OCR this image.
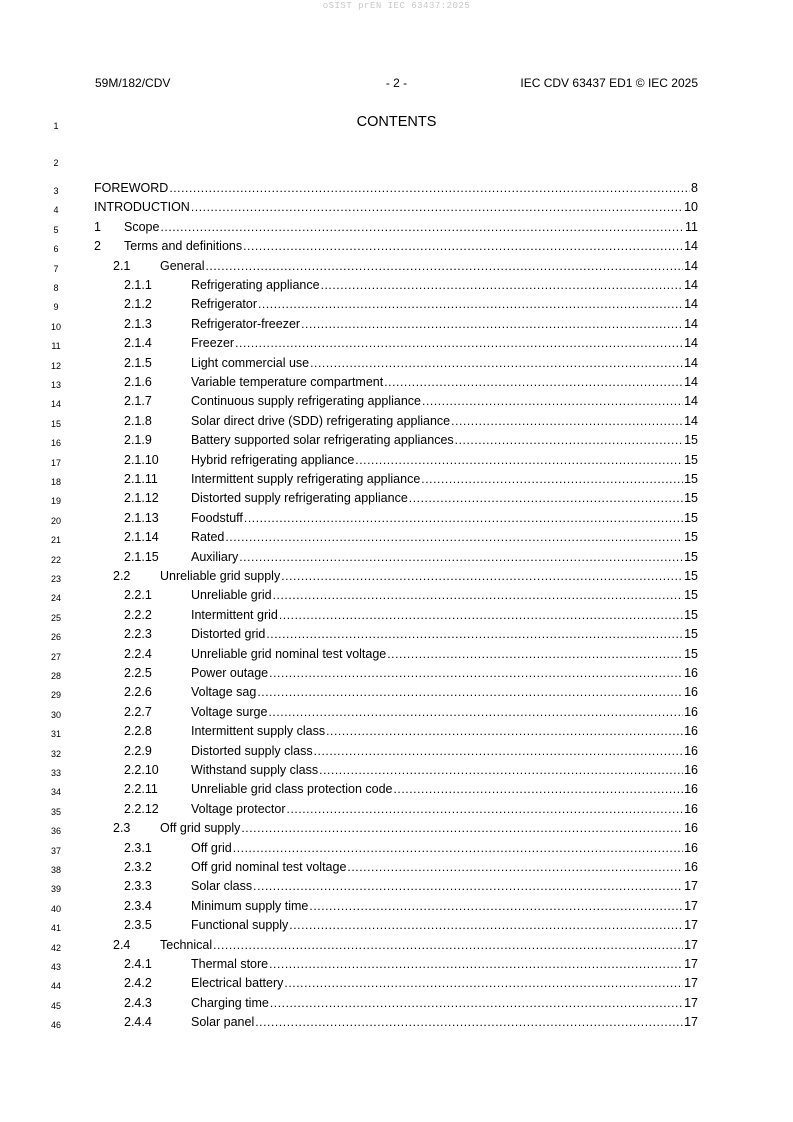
oSIST prEN IEC 63437:2025
59M/182/CDV	- 2 -	IEC CDV 63437 ED1 © IEC 2025
CONTENTS
1
2
3
4
5
6
7
8
9
10
11
12
13
14
15
16
17
18
19
20
21
22
23
24
25
26
27
28
29
30
31
32
33
34
35
36
37
38
39
40
41
42
43
44
45
46
FOREWORD .....	8
INTRODUCTION .....	10
1	Scope .....	11
2	Terms and definitions .....	14
2.1	General .....	14
2.1.1	Refrigerating appliance .....	14
2.1.2	Refrigerator .....	14
2.1.3	Refrigerator-freezer .....	14
2.1.4	Freezer .....	14
2.1.5	Light commercial use .....	14
2.1.6	Variable temperature compartment .....	14
2.1.7	Continuous supply refrigerating appliance .....	14
2.1.8	Solar direct drive (SDD) refrigerating appliance .....	14
2.1.9	Battery supported solar refrigerating appliances .....	15
2.1.10	Hybrid refrigerating appliance .....	15
2.1.11	Intermittent supply refrigerating appliance .....	15
2.1.12	Distorted supply refrigerating appliance .....	15
2.1.13	Foodstuff .....	15
2.1.14	Rated .....	15
2.1.15	Auxiliary .....	15
2.2	Unreliable grid supply .....	15
2.2.1	Unreliable grid .....	15
2.2.2	Intermittent grid .....	15
2.2.3	Distorted grid .....	15
2.2.4	Unreliable grid nominal test voltage .....	15
2.2.5	Power outage .....	16
2.2.6	Voltage sag .....	16
2.2.7	Voltage surge .....	16
2.2.8	Intermittent supply class .....	16
2.2.9	Distorted supply class .....	16
2.2.10	Withstand supply class .....	16
2.2.11	Unreliable grid class protection code .....	16
2.2.12	Voltage protector .....	16
2.3	Off grid supply .....	16
2.3.1	Off grid .....	16
2.3.2	Off grid nominal test voltage .....	16
2.3.3	Solar class .....	17
2.3.4	Minimum supply time .....	17
2.3.5	Functional supply .....	17
2.4	Technical .....	17
2.4.1	Thermal store .....	17
2.4.2	Electrical battery .....	17
2.4.3	Charging time .....	17
2.4.4	Solar panel .....	17
